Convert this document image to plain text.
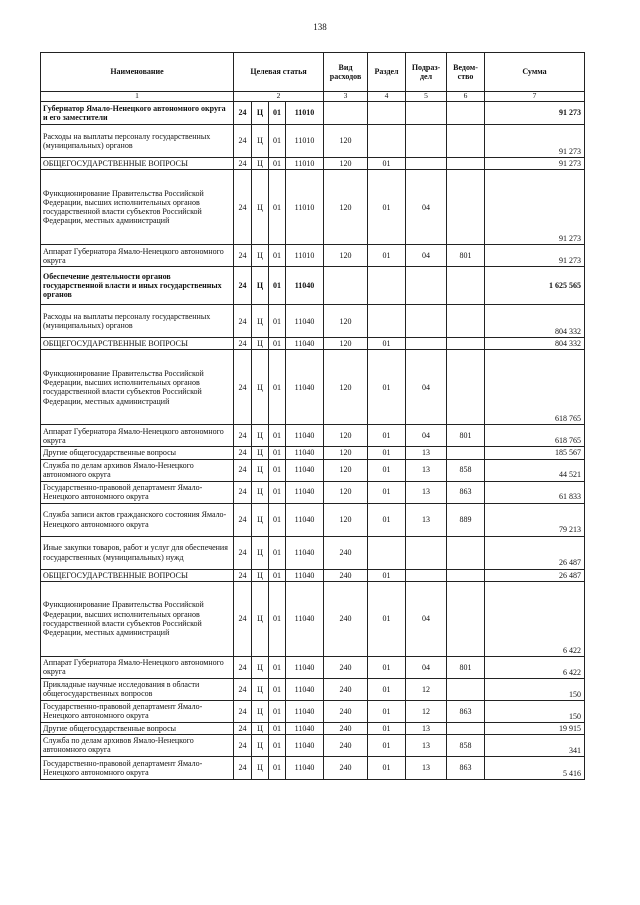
138
Наименование	Целевая статья				Вид расходов	Раздел	Подраз-дел	Ведом-ство	Сумма
1	2				3	4	5	6	7
Губернатор Ямало-Ненецкого автономного округа и его заместители	24	Ц	01	11010					91 273
Расходы на выплаты персоналу государственных (муниципальных) органов	24	Ц	01	11010	120				91 273
ОБЩЕГОСУДАРСТВЕННЫЕ ВОПРОСЫ	24	Ц	01	11010	120	01			91 273
Функционирование Правительства Российской Федерации, высших исполнительных органов государственной власти субъектов Российской Федерации, местных администраций	24	Ц	01	11010	120	01	04		91 273
Аппарат Губернатора Ямало-Ненецкого автономного округа	24	Ц	01	11010	120	01	04	801	91 273
Обеспечение деятельности органов государственной власти и иных государственных органов	24	Ц	01	11040					1 625 565
Расходы на выплаты персоналу государственных (муниципальных) органов	24	Ц	01	11040	120				804 332
ОБЩЕГОСУДАРСТВЕННЫЕ ВОПРОСЫ	24	Ц	01	11040	120	01			804 332
Функционирование Правительства Российской Федерации, высших исполнительных органов государственной власти субъектов Российской Федерации, местных администраций	24	Ц	01	11040	120	01	04		618 765
Аппарат Губернатора Ямало-Ненецкого автономного округа	24	Ц	01	11040	120	01	04	801	618 765
Другие общегосударственные вопросы	24	Ц	01	11040	120	01	13		185 567
Служба по делам архивов Ямало-Ненецкого автономного округа	24	Ц	01	11040	120	01	13	858	44 521
Государственно-правовой департамент Ямало-Ненецкого автономного округа	24	Ц	01	11040	120	01	13	863	61 833
Служба записи актов гражданского состояния Ямало-Ненецкого автономного округа	24	Ц	01	11040	120	01	13	889	79 213
Иные закупки товаров, работ и услуг для обеспечения государственных (муниципальных) нужд	24	Ц	01	11040	240				26 487
ОБЩЕГОСУДАРСТВЕННЫЕ ВОПРОСЫ	24	Ц	01	11040	240	01			26 487
Функционирование Правительства Российской Федерации, высших исполнительных органов государственной власти субъектов Российской Федерации, местных администраций	24	Ц	01	11040	240	01	04		6 422
Аппарат Губернатора Ямало-Ненецкого автономного округа	24	Ц	01	11040	240	01	04	801	6 422
Прикладные научные исследования в области общегосударственных вопросов	24	Ц	01	11040	240	01	12		150
Государственно-правовой департамент Ямало-Ненецкого автономного округа	24	Ц	01	11040	240	01	12	863	150
Другие общегосударственные вопросы	24	Ц	01	11040	240	01	13		19 915
Служба по делам архивов Ямало-Ненецкого автономного округа	24	Ц	01	11040	240	01	13	858	341
Государственно-правовой департамент Ямало-Ненецкого автономного округа	24	Ц	01	11040	240	01	13	863	5 416
